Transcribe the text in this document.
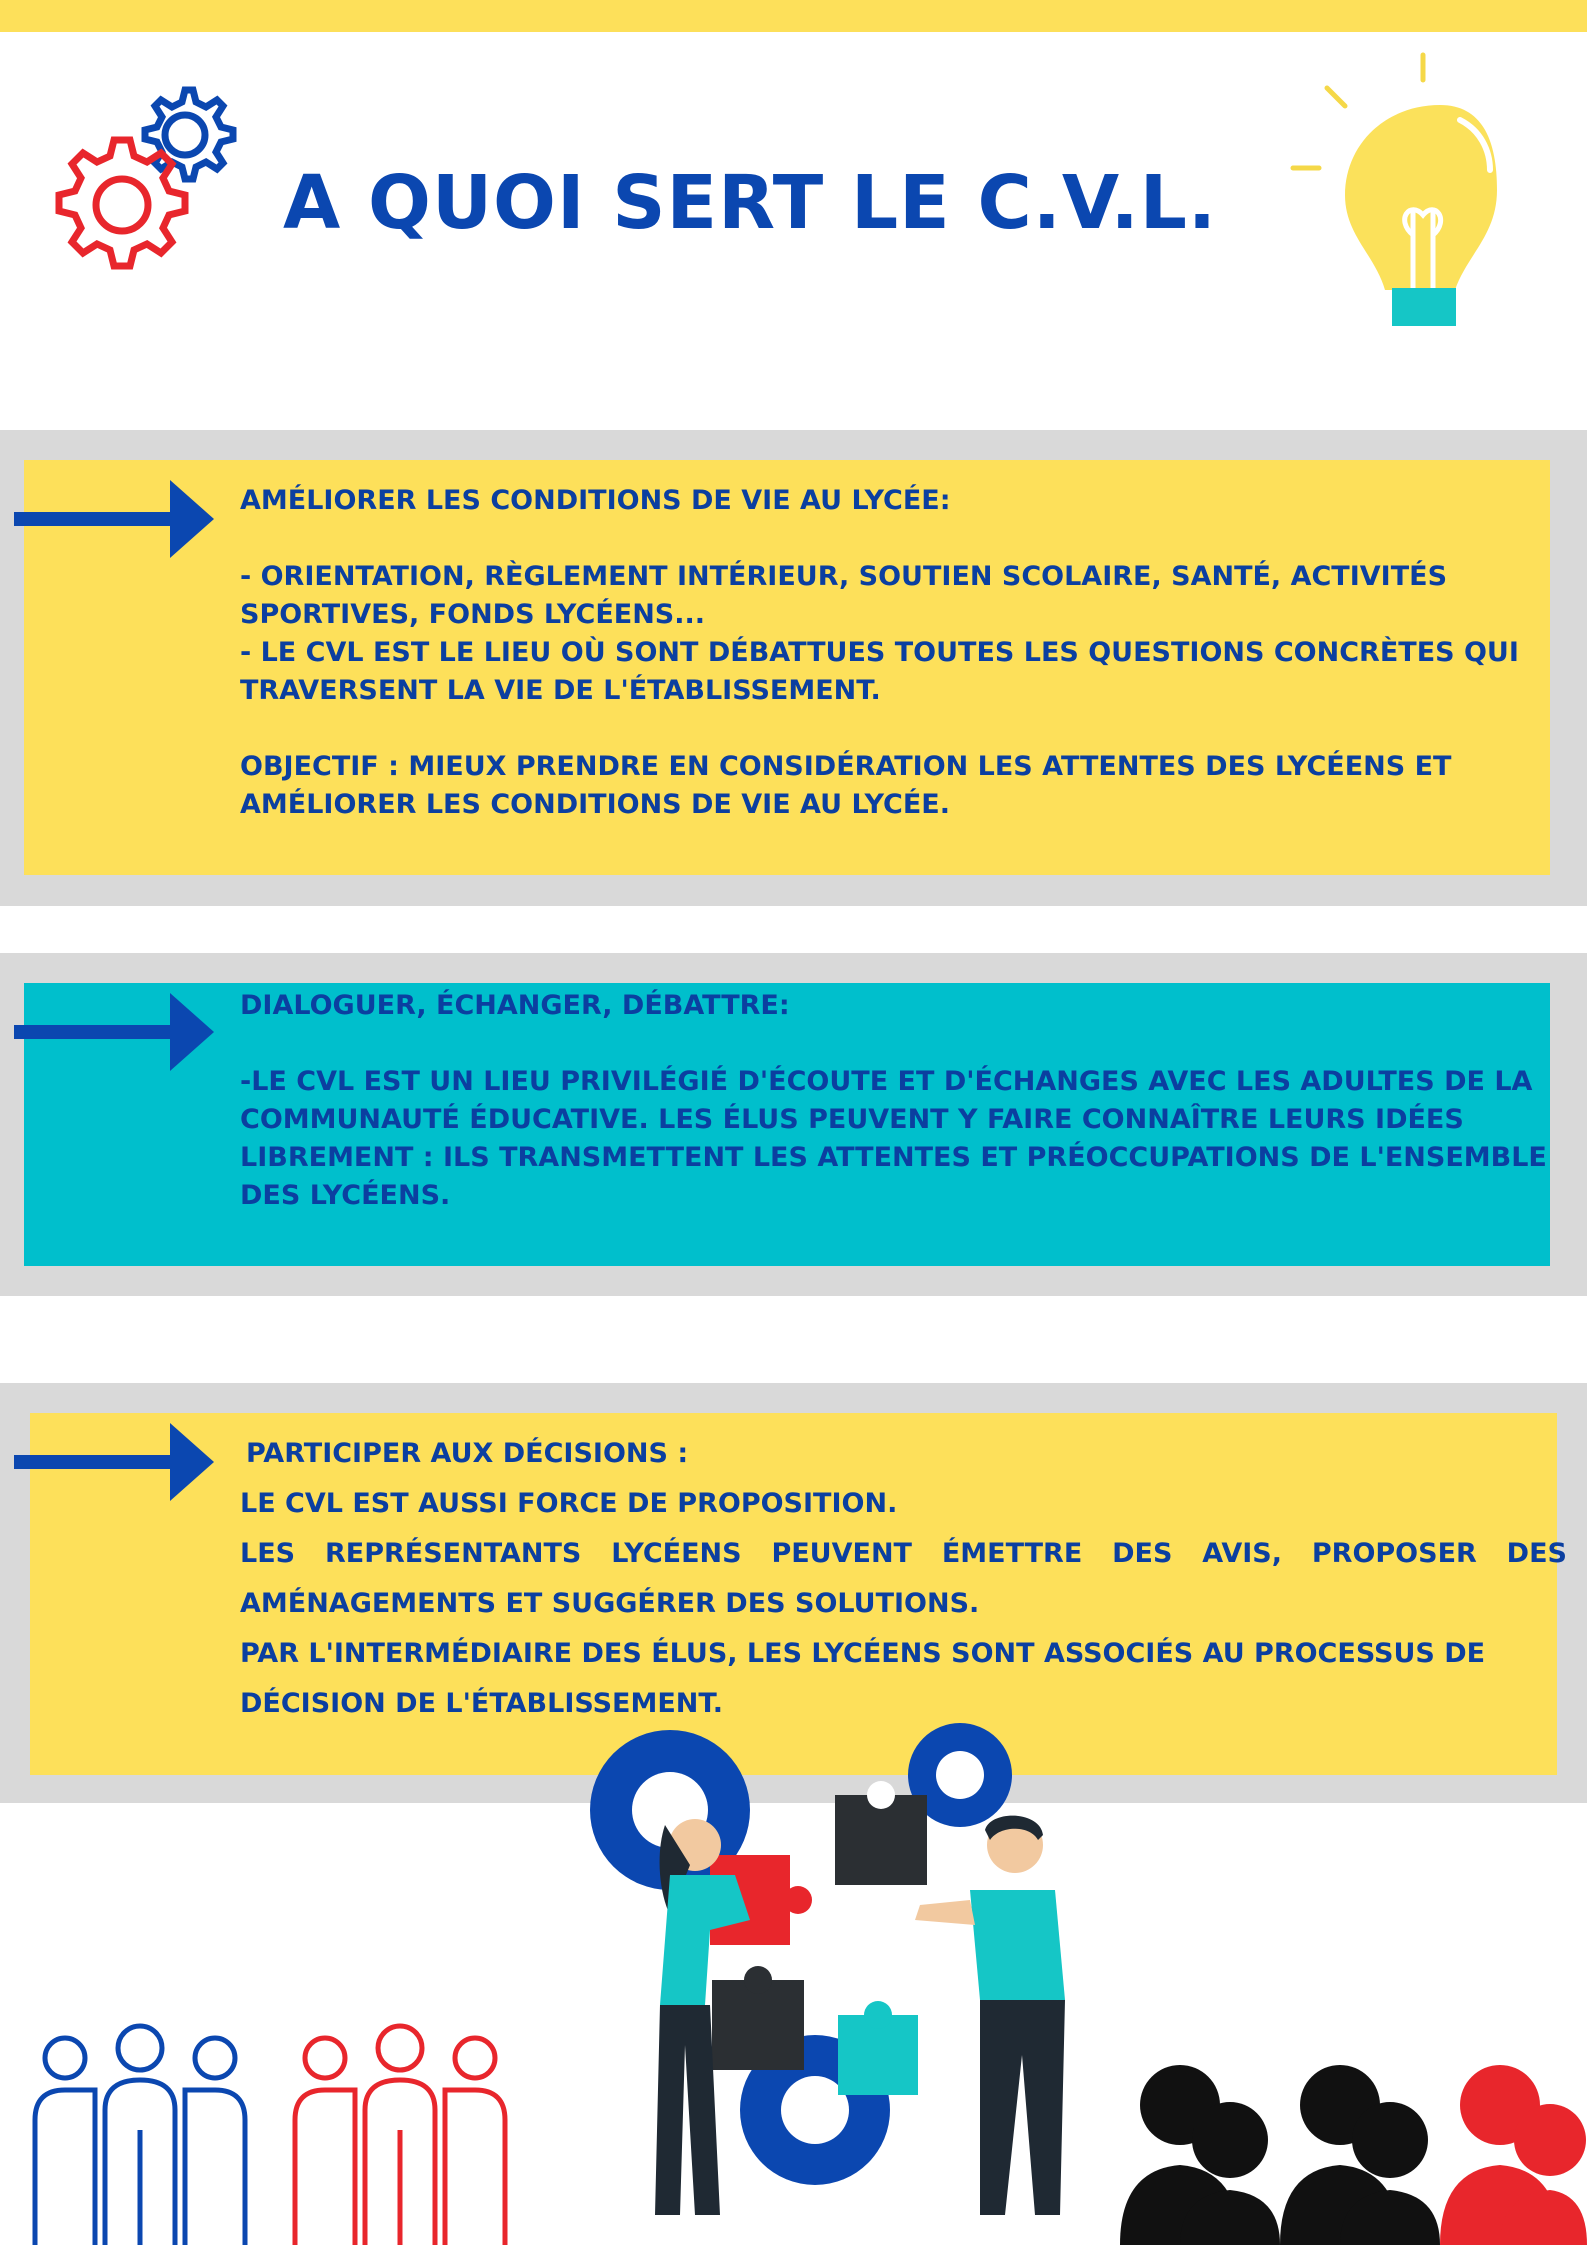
A QUOI SERT LE C.V.L.

AMÉLIORER LES CONDITIONS DE VIE AU LYCÉE:

- ORIENTATION, RÈGLEMENT INTÉRIEUR, SOUTIEN SCOLAIRE, SANTÉ, ACTIVITÉS SPORTIVES, FONDS LYCÉENS...

- LE CVL EST LE LIEU OÙ SONT DÉBATTUES TOUTES LES QUESTIONS CONCRÈTES QUI TRAVERSENT LA VIE DE L'ÉTABLISSEMENT.

OBJECTIF : MIEUX PRENDRE EN CONSIDÉRATION LES ATTENTES DES LYCÉENS ET AMÉLIORER LES CONDITIONS DE VIE AU LYCÉE.

DIALOGUER, ÉCHANGER, DÉBATTRE:

-LE CVL EST UN LIEU PRIVILÉGIÉ D'ÉCOUTE ET D'ÉCHANGES AVEC LES ADULTES DE LA COMMUNAUTÉ ÉDUCATIVE. LES ÉLUS PEUVENT Y FAIRE CONNAÎTRE LEURS IDÉES LIBREMENT : ILS TRANSMETTENT LES ATTENTES ET PRÉOCCUPATIONS DE L'ENSEMBLE DES LYCÉENS.

PARTICIPER AUX DÉCISIONS :

LE CVL EST AUSSI FORCE DE PROPOSITION.

LES REPRÉSENTANTS LYCÉENS PEUVENT ÉMETTRE DES AVIS, PROPOSER DES AMÉNAGEMENTS ET SUGGÉRER DES SOLUTIONS.

PAR L'INTERMÉDIAIRE DES ÉLUS, LES LYCÉENS SONT ASSOCIÉS AU PROCESSUS DE DÉCISION DE L'ÉTABLISSEMENT.
